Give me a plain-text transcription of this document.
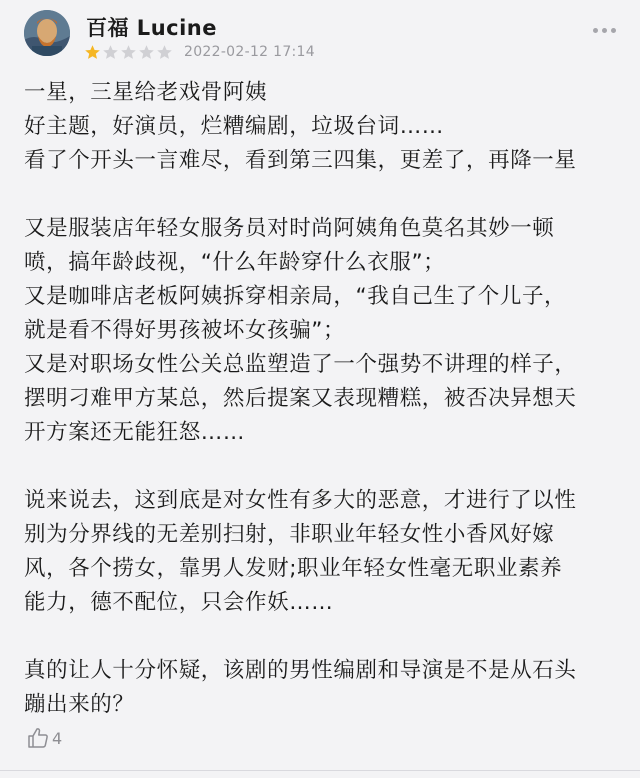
百福 Lucine
2022-02-12 17:14
一星，三星给老戏骨阿姨
好主题，好演员，烂糟编剧，垃圾台词……
看了个开头一言难尽，看到第三四集，更差了，再降一星
又是服装店年轻女服务员对时尚阿姨角色莫名其妙一顿
喷，搞年龄歧视，“什么年龄穿什么衣服”；
又是咖啡店老板阿姨拆穿相亲局，“我自己生了个儿子，
就是看不得好男孩被坏女孩骗”；
又是对职场女性公关总监塑造了一个强势不讲理的样子，
摆明刁难甲方某总，然后提案又表现糟糕，被否决异想天
开方案还无能狂怒……
说来说去，这到底是对女性有多大的恶意，才进行了以性
别为分界线的无差别扫射，非职业年轻女性小香风好嫁
风，各个捞女，靠男人发财;职业年轻女性毫无职业素养
能力，德不配位，只会作妖……
真的让人十分怀疑，该剧的男性编剧和导演是不是从石头
蹦出来的？
4
